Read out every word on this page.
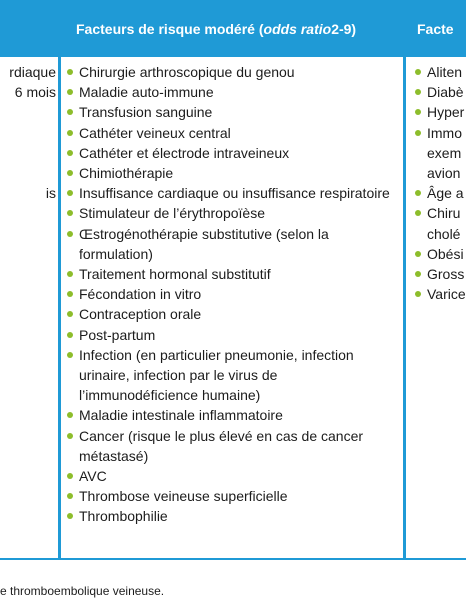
Facteurs de risque modéré ( odds ratio 2-9)	Facte
rdiaque
6 mois
is
Chirurgie arthroscopique du genou
Maladie auto-immune
Transfusion sanguine
Cathéter veineux central
Cathéter et électrode intraveineux
Chimiothérapie
Insuffisance cardiaque ou insuffisance respiratoire
Stimulateur de l’érythropoïèse
Œstrogénothérapie substitutive (selon la formulation)
Traitement hormonal substitutif
Fécondation in vitro
Contraception orale
Post-partum
Infection (en particulier pneumonie, infection urinaire, infection par le virus de l’immunodéficience humaine)
Maladie intestinale inflammatoire
Cancer (risque le plus élevé en cas de cancer métastasé)
AVC
Thrombose veineuse superficielle
Thrombophilie
Aliten
Diabè
Hyper
Immo
exem
avion
Âge a
Chiru
cholé
Obési
Gross
Varice
e thromboembolique veineuse.
